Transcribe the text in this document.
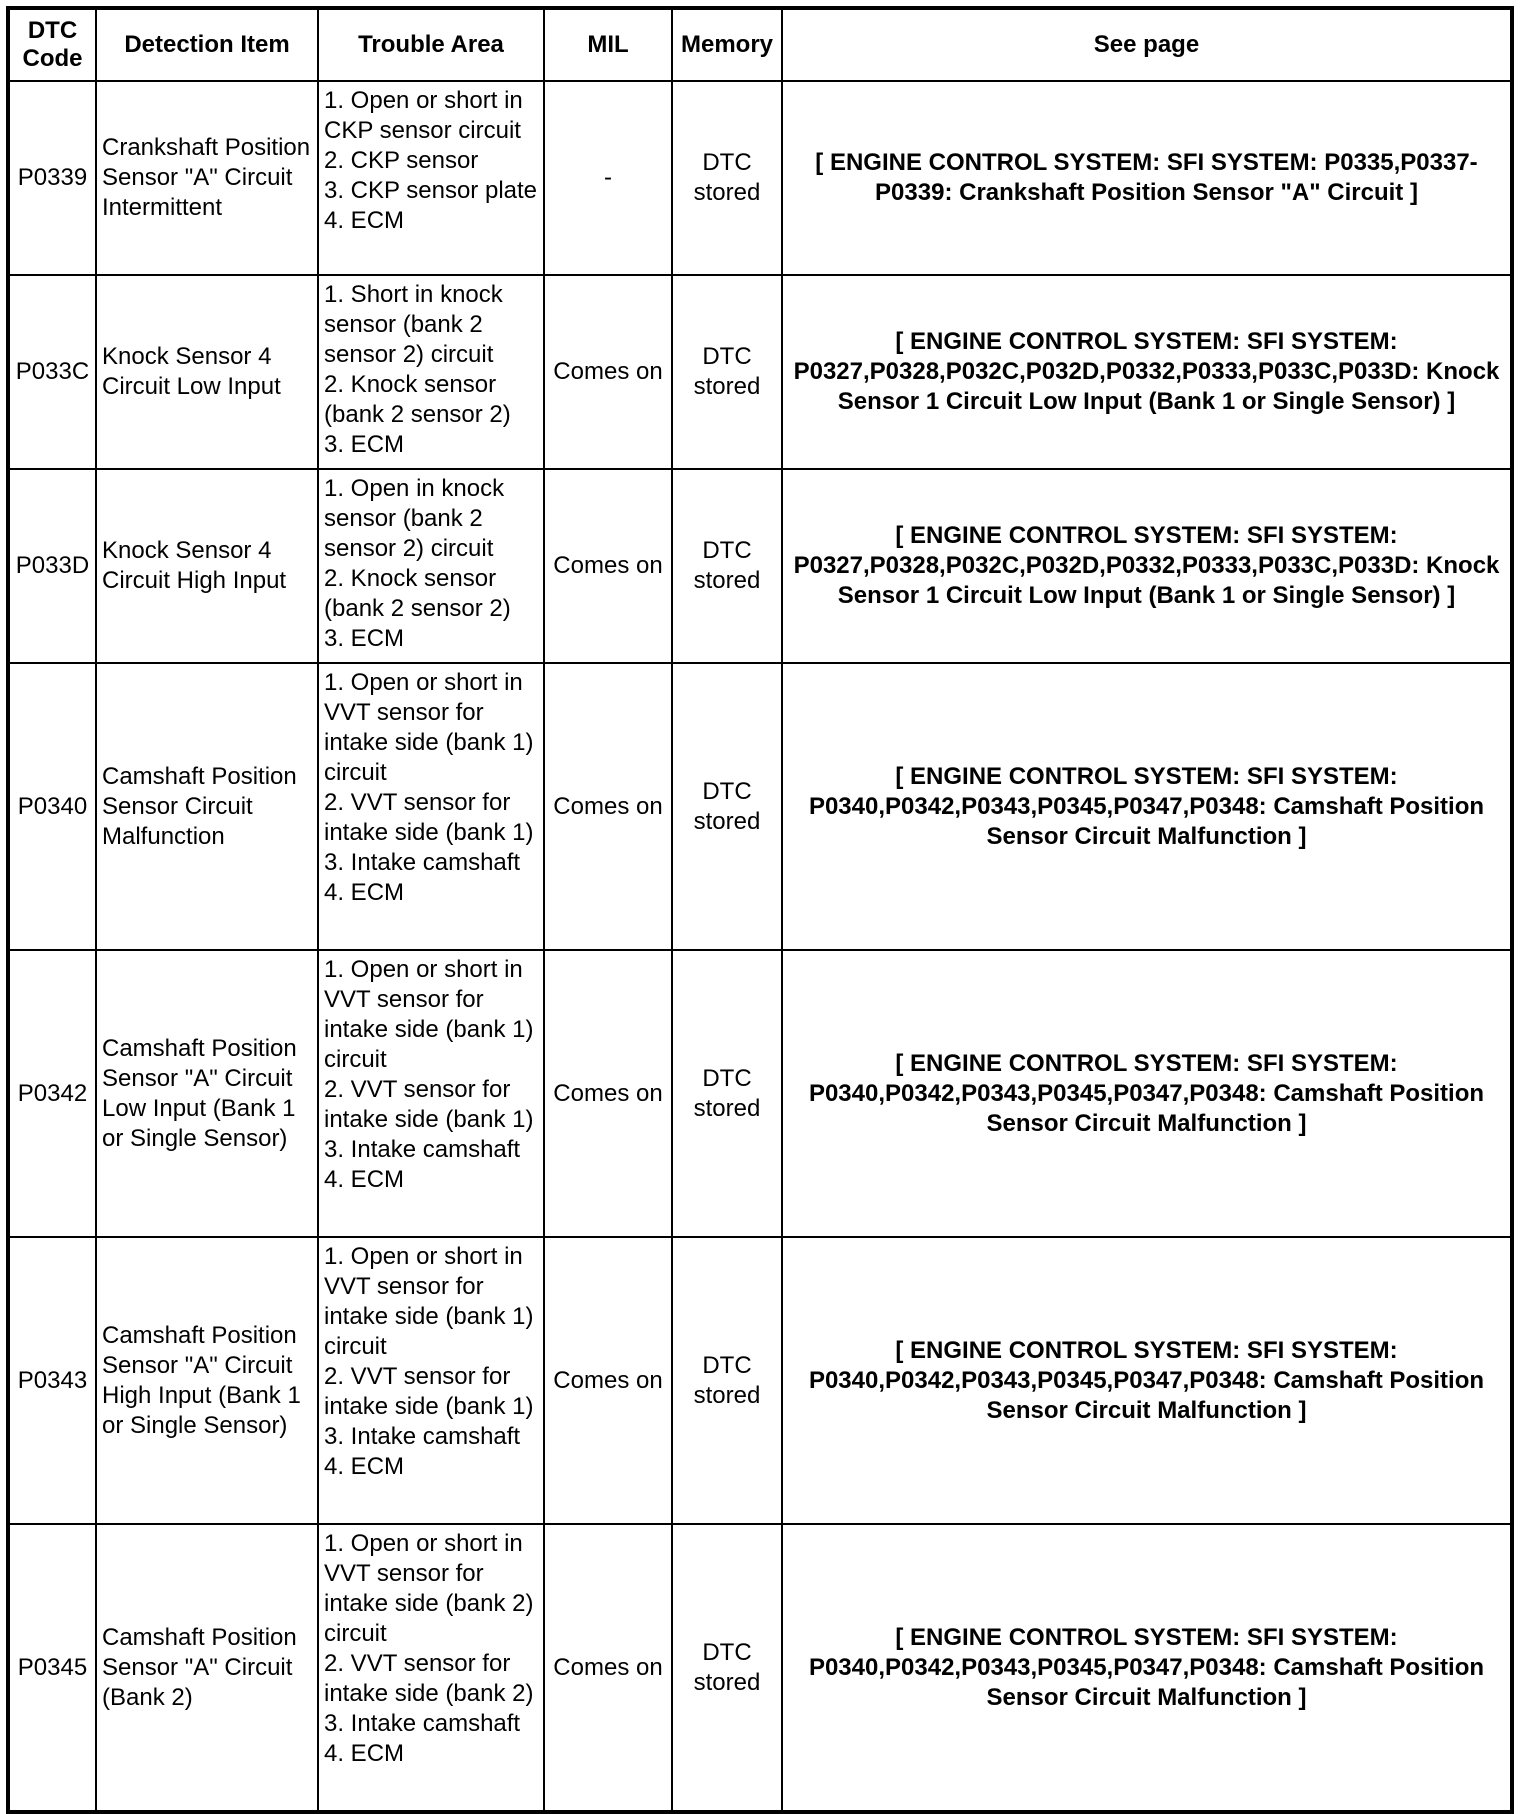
DTC
Code	Detection Item	Trouble Area	MIL	Memory	See page
P0339	Crankshaft Position Sensor "A" Circuit Intermittent	1. Open or short in CKP sensor circuit
2. CKP sensor
3. CKP sensor plate
4. ECM	-	DTC stored	[ ENGINE CONTROL SYSTEM: SFI SYSTEM: P0335,P0337-P0339: Crankshaft Position Sensor "A" Circuit ]
P033C	Knock Sensor 4 Circuit Low Input	1. Short in knock sensor (bank 2 sensor 2) circuit
2. Knock sensor (bank 2 sensor 2)
3. ECM	Comes on	DTC stored	[ ENGINE CONTROL SYSTEM: SFI SYSTEM: P0327,P0328,P032C,P032D,P0332,P0333,P033C,P033D: Knock Sensor 1 Circuit Low Input (Bank 1 or Single Sensor) ]
P033D	Knock Sensor 4 Circuit High Input	1. Open in knock sensor (bank 2 sensor 2) circuit
2. Knock sensor (bank 2 sensor 2)
3. ECM	Comes on	DTC stored	[ ENGINE CONTROL SYSTEM: SFI SYSTEM: P0327,P0328,P032C,P032D,P0332,P0333,P033C,P033D: Knock Sensor 1 Circuit Low Input (Bank 1 or Single Sensor) ]
P0340	Camshaft Position Sensor Circuit Malfunction	1. Open or short in VVT sensor for intake side (bank 1) circuit
2. VVT sensor for intake side (bank 1)
3. Intake camshaft
4. ECM	Comes on	DTC stored	[ ENGINE CONTROL SYSTEM: SFI SYSTEM: P0340,P0342,P0343,P0345,P0347,P0348: Camshaft Position Sensor Circuit Malfunction ]
P0342	Camshaft Position Sensor "A" Circuit Low Input (Bank 1 or Single Sensor)	1. Open or short in VVT sensor for intake side (bank 1) circuit
2. VVT sensor for intake side (bank 1)
3. Intake camshaft
4. ECM	Comes on	DTC stored	[ ENGINE CONTROL SYSTEM: SFI SYSTEM: P0340,P0342,P0343,P0345,P0347,P0348: Camshaft Position Sensor Circuit Malfunction ]
P0343	Camshaft Position Sensor "A" Circuit High Input (Bank 1 or Single Sensor)	1. Open or short in VVT sensor for intake side (bank 1) circuit
2. VVT sensor for intake side (bank 1)
3. Intake camshaft
4. ECM	Comes on	DTC stored	[ ENGINE CONTROL SYSTEM: SFI SYSTEM: P0340,P0342,P0343,P0345,P0347,P0348: Camshaft Position Sensor Circuit Malfunction ]
P0345	Camshaft Position Sensor "A" Circuit (Bank 2)	1. Open or short in VVT sensor for intake side (bank 2) circuit
2. VVT sensor for intake side (bank 2)
3. Intake camshaft
4. ECM	Comes on	DTC stored	[ ENGINE CONTROL SYSTEM: SFI SYSTEM: P0340,P0342,P0343,P0345,P0347,P0348: Camshaft Position Sensor Circuit Malfunction ]
